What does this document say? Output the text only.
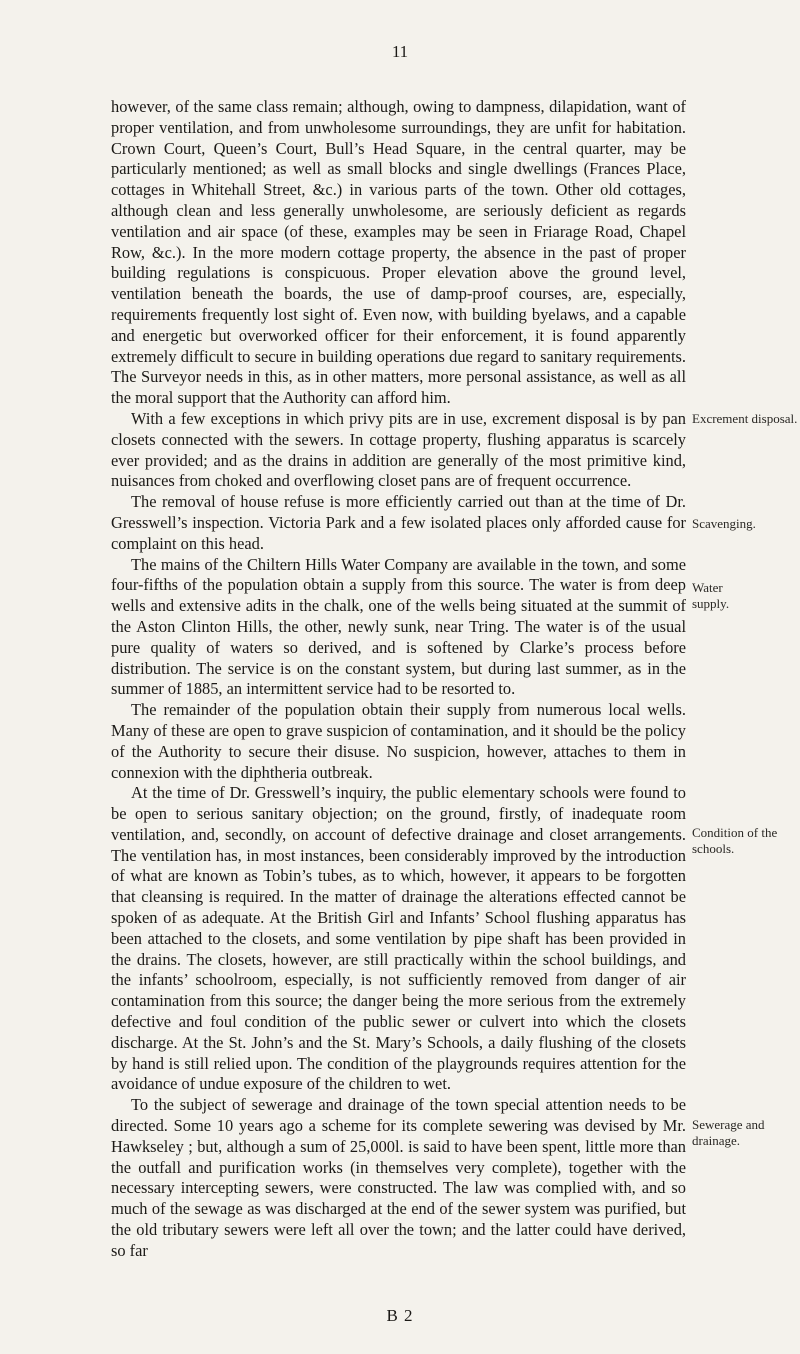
11

however, of the same class remain; although, owing to dampness, dilapidation, want of proper ventilation, and from unwholesome surroundings, they are unfit for habitation. Crown Court, Queen’s Court, Bull’s Head Square, in the central quarter, may be particularly mentioned; as well as small blocks and single dwellings (Frances Place, cottages in Whitehall Street, &c.) in various parts of the town. Other old cottages, although clean and less generally unwholesome, are seriously deficient as regards ventilation and air space (of these, examples may be seen in Friarage Road, Chapel Row, &c.). In the more modern cottage property, the absence in the past of proper building regulations is conspicuous. Proper elevation above the ground level, ventilation beneath the boards, the use of damp-proof courses, are, especially, requirements frequently lost sight of. Even now, with building byelaws, and a capable and energetic but overworked officer for their enforcement, it is found apparently extremely difficult to secure in building operations due regard to sanitary requirements. The Surveyor needs in this, as in other matters, more personal assistance, as well as all the moral support that the Authority can afford him.

With a few exceptions in which privy pits are in use, excrement disposal is by pan closets connected with the sewers. In cottage property, flushing apparatus is scarcely ever provided; and as the drains in addition are generally of the most primitive kind, nuisances from choked and overflowing closet pans are of frequent occurrence.

The removal of house refuse is more efficiently carried out than at the time of Dr. Gresswell’s inspection. Victoria Park and a few isolated places only afforded cause for complaint on this head.

The mains of the Chiltern Hills Water Company are available in the town, and some four-fifths of the population obtain a supply from this source. The water is from deep wells and extensive adits in the chalk, one of the wells being situated at the summit of the Aston Clinton Hills, the other, newly sunk, near Tring. The water is of the usual pure quality of waters so derived, and is softened by Clarke’s process before distribution. The service is on the constant system, but during last summer, as in the summer of 1885, an intermittent service had to be resorted to.

The remainder of the population obtain their supply from numerous local wells. Many of these are open to grave suspicion of contamination, and it should be the policy of the Authority to secure their disuse. No suspicion, however, attaches to them in connexion with the diphtheria outbreak.

At the time of Dr. Gresswell’s inquiry, the public elementary schools were found to be open to serious sanitary objection; on the ground, firstly, of inadequate room ventilation, and, secondly, on account of defective drainage and closet arrangements. The ventilation has, in most instances, been considerably improved by the introduction of what are known as Tobin’s tubes, as to which, however, it appears to be forgotten that cleansing is required. In the matter of drainage the alterations effected cannot be spoken of as adequate. At the British Girl and Infants’ School flushing apparatus has been attached to the closets, and some ventilation by pipe shaft has been provided in the drains. The closets, however, are still practically within the school buildings, and the infants’ schoolroom, especially, is not sufficiently removed from danger of air contamination from this source; the danger being the more serious from the extremely defective and foul condition of the public sewer or culvert into which the closets discharge. At the St. John’s and the St. Mary’s Schools, a daily flushing of the closets by hand is still relied upon. The condition of the playgrounds requires attention for the avoidance of undue exposure of the children to wet.

To the subject of sewerage and drainage of the town special attention needs to be directed. Some 10 years ago a scheme for its complete sewering was devised by Mr. Hawkseley ; but, although a sum of 25,000l. is said to have been spent, little more than the outfall and purification works (in themselves very complete), together with the necessary intercepting sewers, were constructed. The law was complied with, and so much of the sewage as was discharged at the end of the sewer system was purified, but the old tributary sewers were left all over the town; and the latter could have derived, so far

Excrement disposal.
Scavenging.
Water supply.
Condition of the schools.
Sewerage and drainage.
B 2
